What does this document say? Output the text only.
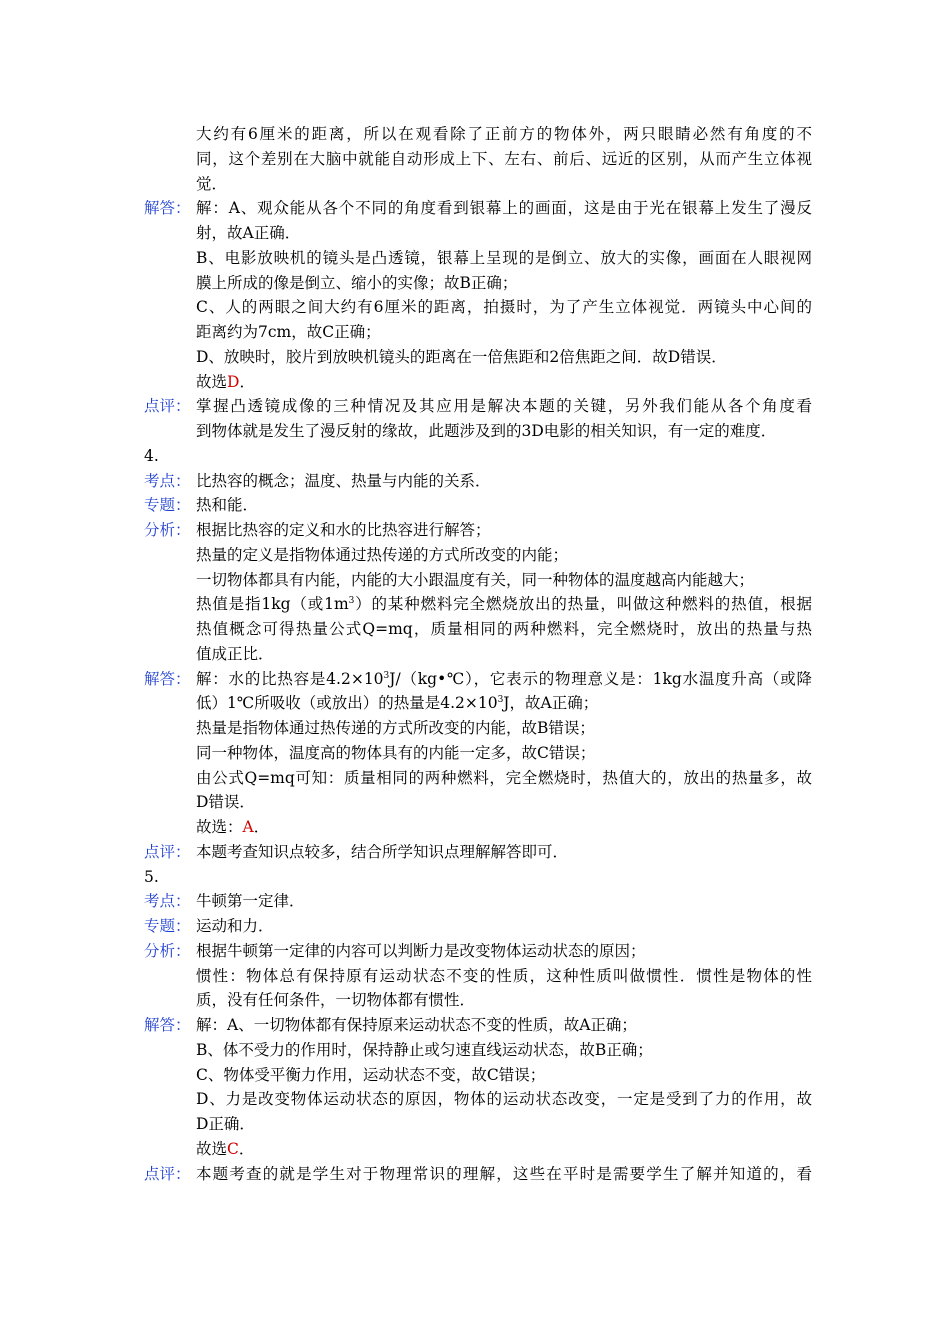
大约有6厘米的距离，所以在观看除了正前方的物体外，两只眼睛必然有角度的不
同，这个差别在大脑中就能自动形成上下、左右、前后、远近的区别，从而产生立体视
觉．
解答： 解：A、观众能从各个不同的角度看到银幕上的画面，这是由于光在银幕上发生了漫反
射，故A正确．
B、电影放映机的镜头是凸透镜，银幕上呈现的是倒立、放大的实像，画面在人眼视网
膜上所成的像是倒立、缩小的实像；故B正确；
C、人的两眼之间大约有6厘米的距离，拍摄时，为了产生立体视觉．两镜头中心间的
距离约为7cm，故C正确；
D、放映时，胶片到放映机镜头的距离在一倍焦距和2倍焦距之间．故D错误．
故选D．
点评： 掌握凸透镜成像的三种情况及其应用是解决本题的关键，另外我们能从各个角度看
到物体就是发生了漫反射的缘故，此题涉及到的3D电影的相关知识，有一定的难度．
4.
考点： 比热容的概念；温度、热量与内能的关系．
专题： 热和能．
分析： 根据比热容的定义和水的比热容进行解答；
热量的定义是指物体通过热传递的方式所改变的内能；
一切物体都具有内能，内能的大小跟温度有关，同一种物体的温度越高内能越大；
热值是指1kg（或$1m^3$）的某种燃料完全燃烧放出的热量，叫做这种燃料的热值，根据
热值概念可得热量公式Q=mq，质量相同的两种燃料，完全燃烧时，放出的热量与热
值成正比．
解答： 解：水的比热容是$4.2\times 10^3J/(kg•℃)$，它表示的物理意义是：1kg水温度升高（或降
低）1℃所吸收（或放出）的热量是$4.2\times 10^3J$，故A正确；
热量是指物体通过热传递的方式所改变的内能，故B错误；
同一种物体，温度高的物体具有的内能一定多，故C错误；
由公式Q=mq可知：质量相同的两种燃料，完全燃烧时，热值大的，放出的热量多，故
D错误．
故选：A．
点评： 本题考查知识点较多，结合所学知识点理解解答即可．
5.
考点： 牛顿第一定律．
专题： 运动和力．
分析： 根据牛顿第一定律的内容可以判断力是改变物体运动状态的原因；
惯性：物体总有保持原有运动状态不变的性质，这种性质叫做惯性．惯性是物体的性
质，没有任何条件，一切物体都有惯性．
解答： 解：A、一切物体都有保持原来运动状态不变的性质，故A正确；
B、体不受力的作用时，保持静止或匀速直线运动状态，故B正确；
C、物体受平衡力作用，运动状态不变，故C错误；
D、力是改变物体运动状态的原因，物体的运动状态改变，一定是受到了力的作用，故
D正确．
故选C．
点评： 本题考查的就是学生对于物理常识的理解，这些在平时是需要学生了解并知道的，看
